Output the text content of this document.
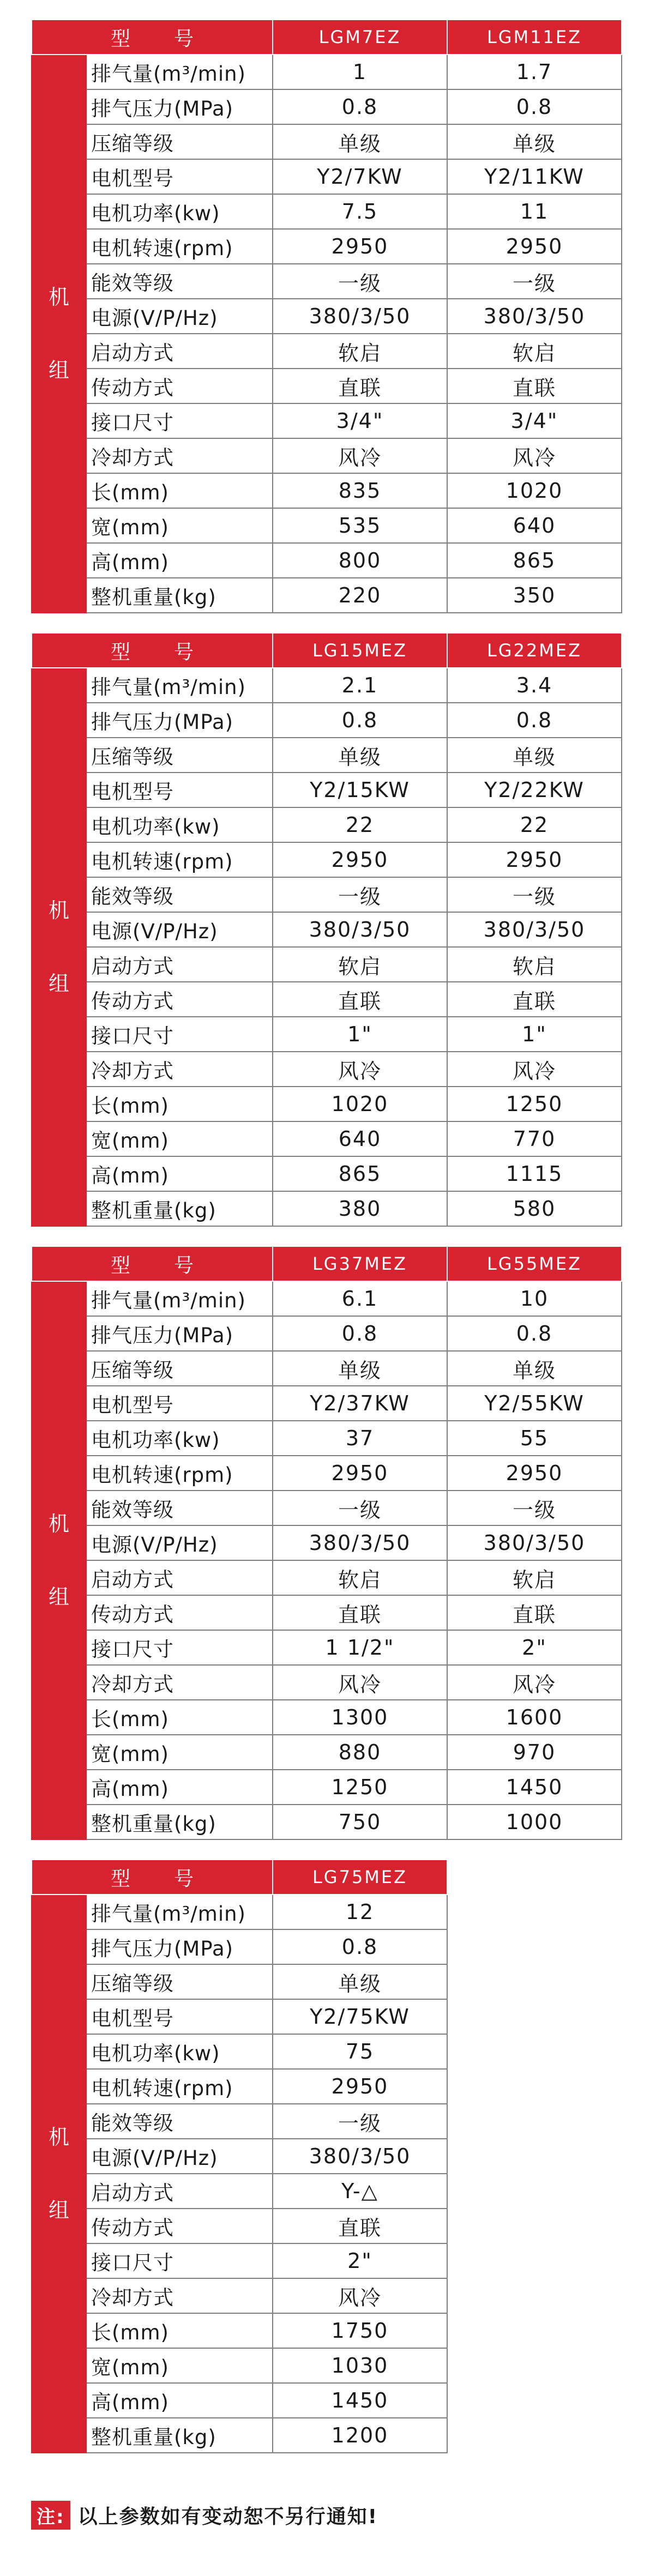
型 号		LGM7EZ	LGM11EZ

机
组	排气量(m³/min)	1	1.7
	排气压力(MPa)	0.8	0.8
	压缩等级	单级	单级
	电机型号	Y2/7KW	Y2/11KW
	电机功率(kw)	7.5	11
	电机转速(rpm)	2950	2950
	能效等级	一级	一级
	电源(V/P/Hz)	380/3/50	380/3/50
	启动方式	软启	软启
	传动方式	直联	直联
	接口尺寸	3/4"	3/4"
	冷却方式	风冷	风冷
	长(mm)	835	1020
	宽(mm)	535	640
	高(mm)	800	865
	整机重量(kg)	220	350
型 号		LG15MEZ	LG22MEZ

机
组	排气量(m³/min)	2.1	3.4
	排气压力(MPa)	0.8	0.8
	压缩等级	单级	单级
	电机型号	Y2/15KW	Y2/22KW
	电机功率(kw)	22	22
	电机转速(rpm)	2950	2950
	能效等级	一级	一级
	电源(V/P/Hz)	380/3/50	380/3/50
	启动方式	软启	软启
	传动方式	直联	直联
	接口尺寸	1"	1"
	冷却方式	风冷	风冷
	长(mm)	1020	1250
	宽(mm)	640	770
	高(mm)	865	1115
	整机重量(kg)	380	580
型 号		LG37MEZ	LG55MEZ

机
组	排气量(m³/min)	6.1	10
	排气压力(MPa)	0.8	0.8
	压缩等级	单级	单级
	电机型号	Y2/37KW	Y2/55KW
	电机功率(kw)	37	55
	电机转速(rpm)	2950	2950
	能效等级	一级	一级
	电源(V/P/Hz)	380/3/50	380/3/50
	启动方式	软启	软启
	传动方式	直联	直联
	接口尺寸	1 1/2"	2"
	冷却方式	风冷	风冷
	长(mm)	1300	1600
	宽(mm)	880	970
	高(mm)	1250	1450
	整机重量(kg)	750	1000
型 号		LG75MEZ

机
组	排气量(m³/min)	12
	排气压力(MPa)	0.8
	压缩等级	单级
	电机型号	Y2/75KW
	电机功率(kw)	75
	电机转速(rpm)	2950
	能效等级	一级
	电源(V/P/Hz)	380/3/50
	启动方式	Y-△
	传动方式	直联
	接口尺寸	2"
	冷却方式	风冷
	长(mm)	1750
	宽(mm)	1030
	高(mm)	1450
	整机重量(kg)	1200
注: 以上参数如有变动恕不另行通知!
